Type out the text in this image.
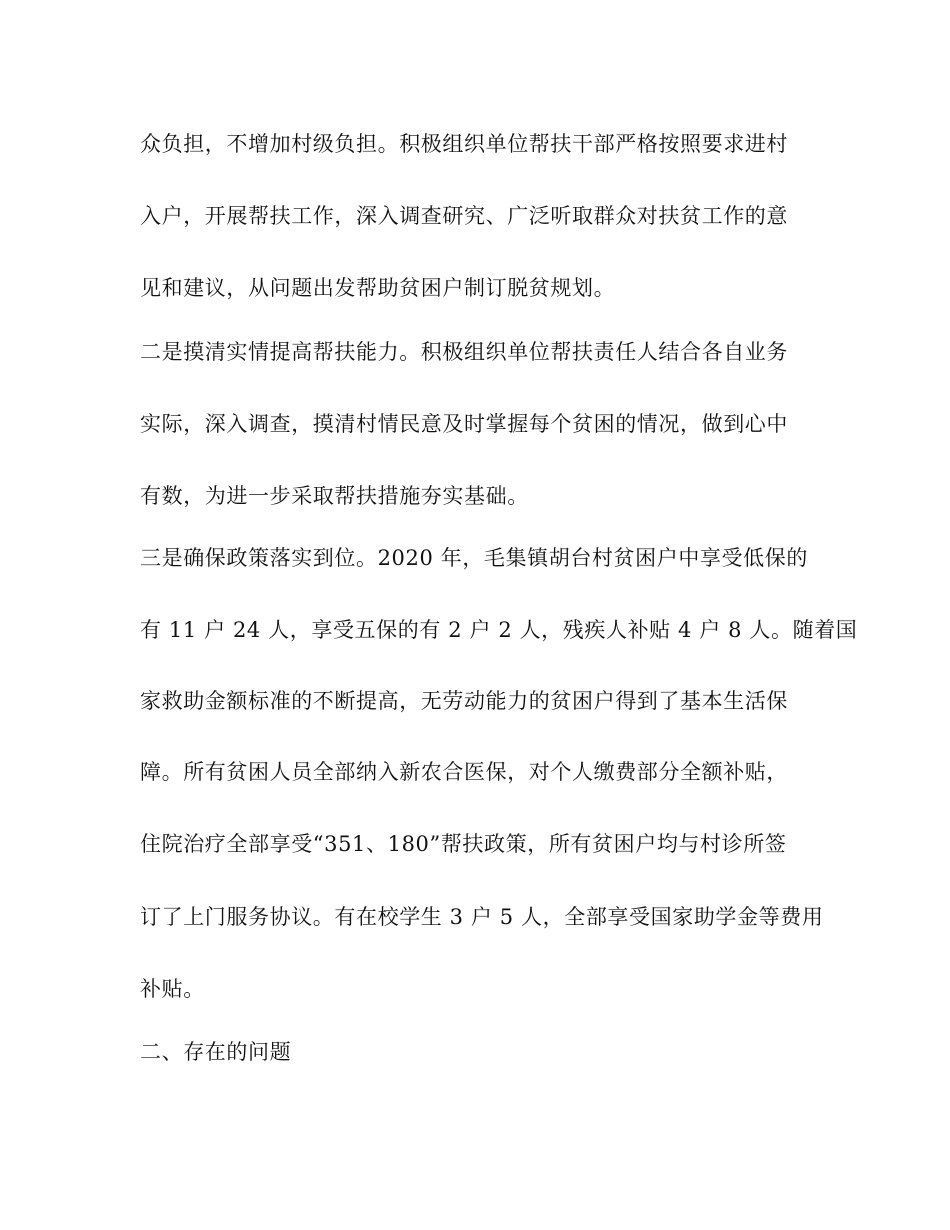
众负担，不增加村级负担。积极组织单位帮扶干部严格按照要求进村
入户，开展帮扶工作，深入调查研究、广泛听取群众对扶贫工作的意
见和建议，从问题出发帮助贫困户制订脱贫规划。
二是摸清实情提高帮扶能力。积极组织单位帮扶责任人结合各自业务
实际，深入调查，摸清村情民意及时掌握每个贫困的情况，做到心中
有数，为进一步采取帮扶措施夯实基础。
三是确保政策落实到位。2020 年，毛集镇胡台村贫困户中享受低保的
有 11 户 24 人，享受五保的有 2 户 2 人，残疾人补贴 4 户 8 人。随着国
家救助金额标准的不断提高，无劳动能力的贫困户得到了基本生活保
障。所有贫困人员全部纳入新农合医保，对个人缴费部分全额补贴，
住院治疗全部享受“351、180”帮扶政策，所有贫困户均与村诊所签
订了上门服务协议。有在校学生 3 户 5 人，全部享受国家助学金等费用
补贴。
二、存在的问题
